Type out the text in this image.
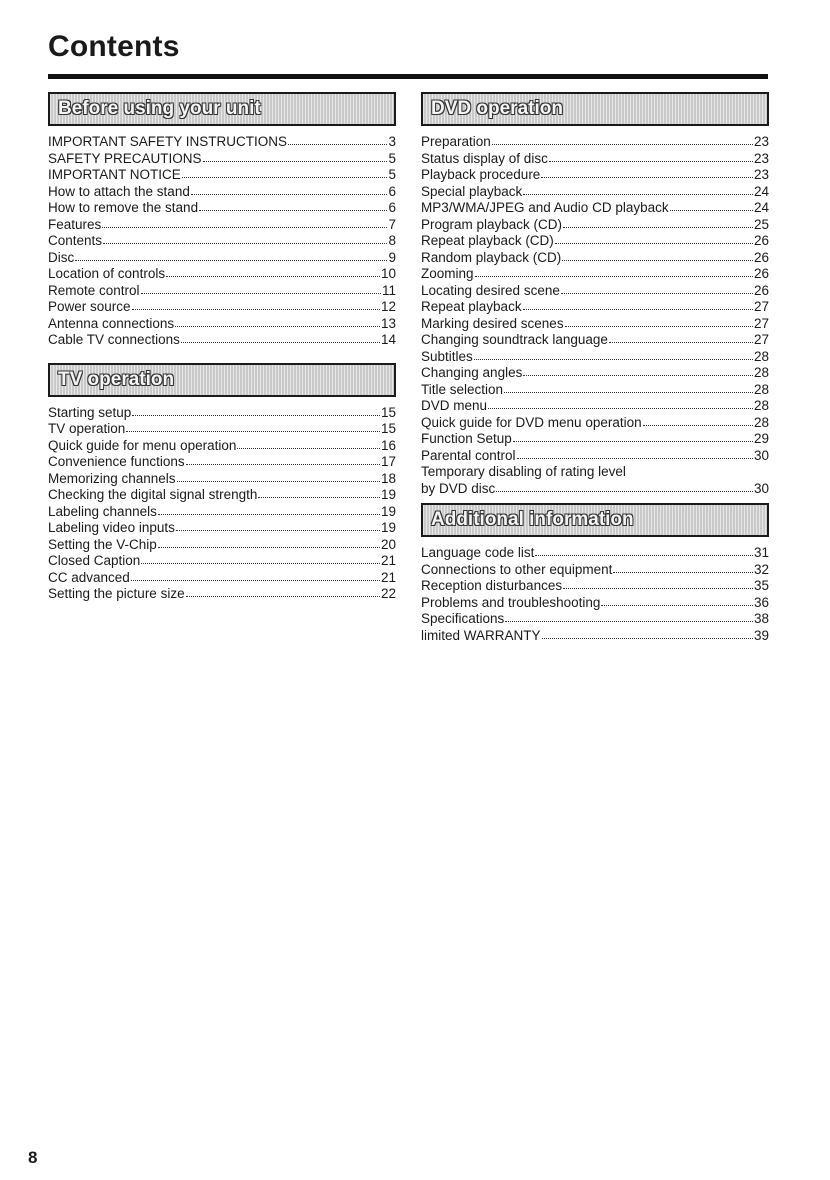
Contents
Before using your unit
IMPORTANT SAFETY INSTRUCTIONS	3
SAFETY PRECAUTIONS	5
IMPORTANT NOTICE	5
How to attach the stand	6
How to remove the stand	6
Features	7
Contents	8
Disc	9
Location of controls	10
Remote control	11
Power source	12
Antenna connections	13
Cable TV connections	14
TV operation
Starting setup	15
TV operation	15
Quick guide for menu operation	16
Convenience functions	17
Memorizing channels	18
Checking the digital signal strength	19
Labeling channels	19
Labeling video inputs	19
Setting the V-Chip	20
Closed Caption	21
CC advanced	21
Setting the picture size	22
DVD operation
Preparation	23
Status display of disc	23
Playback procedure	23
Special playback	24
MP3/WMA/JPEG and Audio CD playback	24
Program playback (CD)	25
Repeat playback (CD)	26
Random playback (CD)	26
Zooming	26
Locating desired scene	26
Repeat playback	27
Marking desired scenes	27
Changing soundtrack language	27
Subtitles	28
Changing angles	28
Title selection	28
DVD menu	28
Quick guide for DVD menu operation	28
Function Setup	29
Parental control	30
Temporary disabling of rating level
by DVD disc	30
Additional information
Language code list	31
Connections to other equipment	32
Reception disturbances	35
Problems and troubleshooting	36
Specifications	38
limited WARRANTY	39
8
